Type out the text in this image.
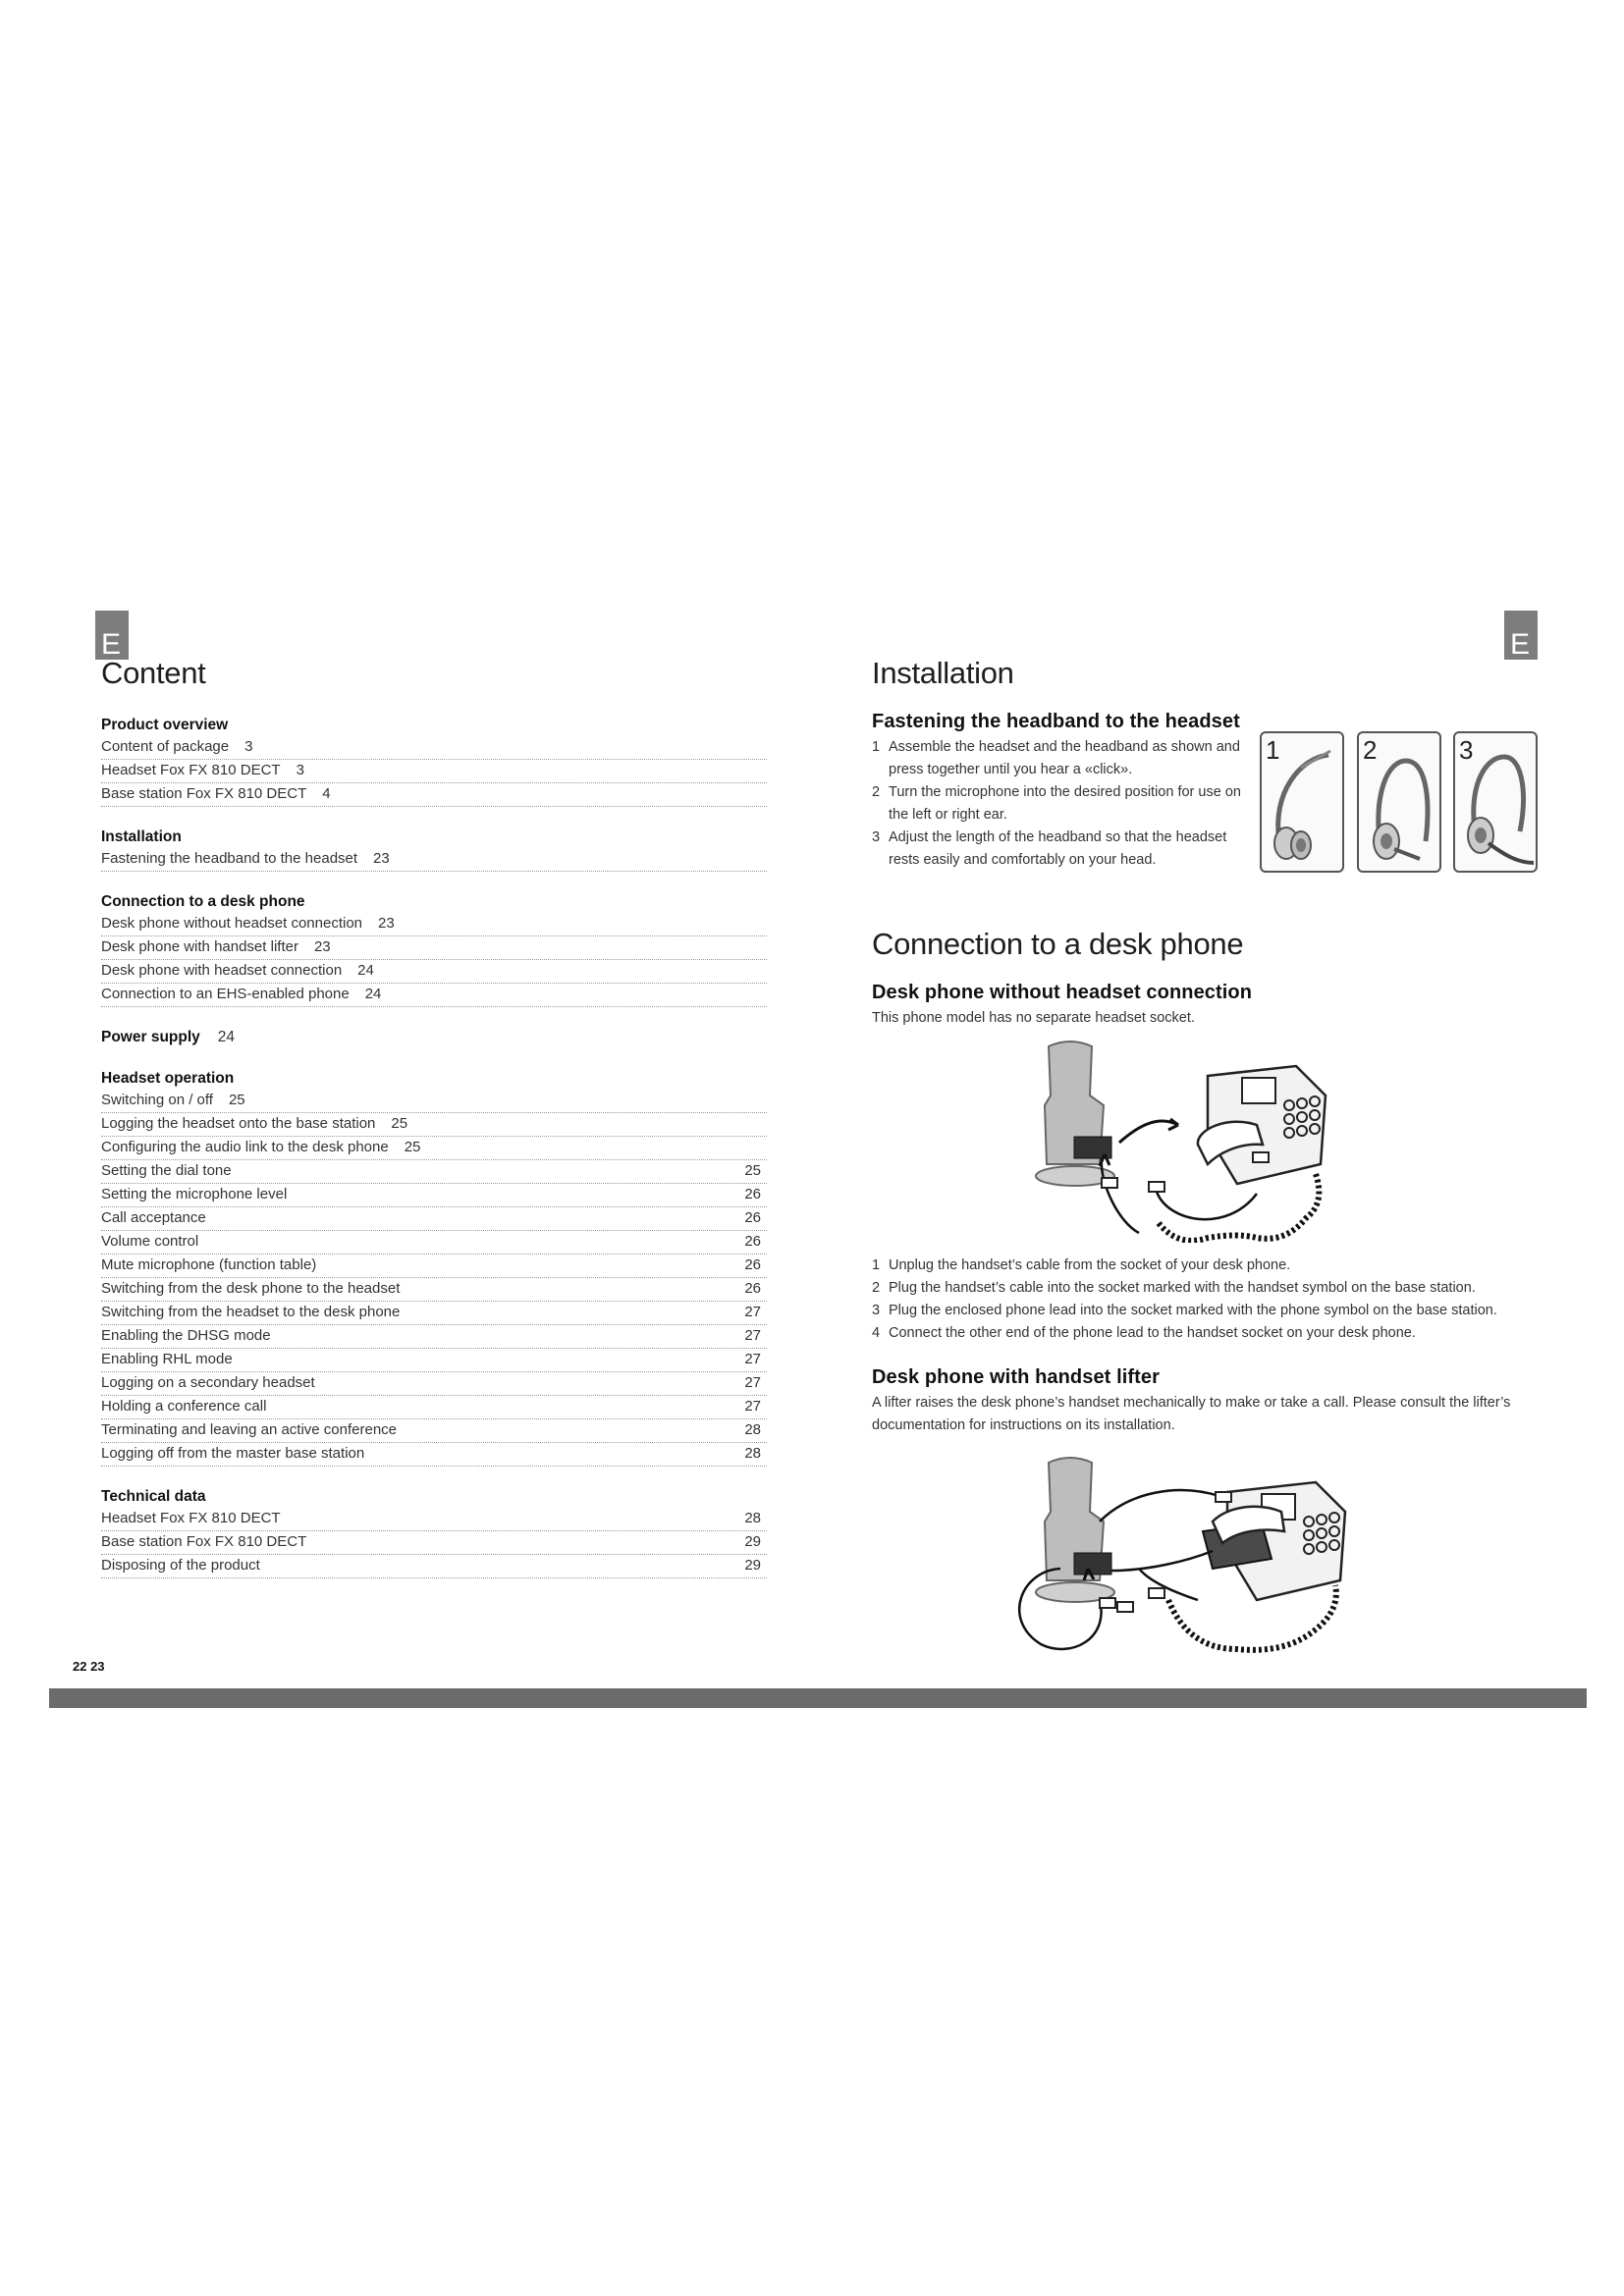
E	E
Content
Product overview
Content of package 3
Headset Fox FX 810 DECT 3
Base station Fox FX 810 DECT 4
Installation
Fastening the headband to the headset 23
Connection to a desk phone
Desk phone without headset connection 23
Desk phone with handset lifter 23
Desk phone with headset connection 24
Connection to an EHS-enabled phone 24
Power supply 24
Headset operation
Switching on / off 25
Logging the headset onto the base station 25
Configuring the audio link to the desk phone 25
Setting the dial tone	25
Setting the microphone level	26
Call acceptance	26
Volume control	26
Mute microphone (function table)	26
Switching from the desk phone to the headset	26
Switching from the headset to the desk phone	27
Enabling the DHSG mode	27
Enabling RHL mode	27
Logging on a secondary headset	27
Holding a conference call	27
Terminating and leaving an active conference	28
Logging off from the master base station	28
Technical data
Headset Fox FX 810 DECT	28
Base station Fox FX 810 DECT	29
Disposing of the product	29
Installation
Fastening the headband to the headset
1 Assemble the headset and the headband as shown and press together until you hear a «click».
2 Turn the microphone into the desired position for use on the left or right ear.
3 Adjust the length of the headband so that the headset rests easily and comfortably on your head.
1	2	3
Connection to a desk phone
Desk phone without headset connection
This phone model has no separate headset socket.
1 Unplug the handset’s cable from the socket of your desk phone.
2 Plug the handset’s cable into the socket marked with the handset symbol on the base station.
3 Plug the enclosed phone lead into the socket marked with the phone symbol on the base station.
4 Connect the other end of the phone lead to the handset socket on your desk phone.
Desk phone with handset lifter
A lifter raises the desk phone’s handset mechanically to make or take a call. Please consult the lifter’s documentation for instructions on its installation.
22 23
